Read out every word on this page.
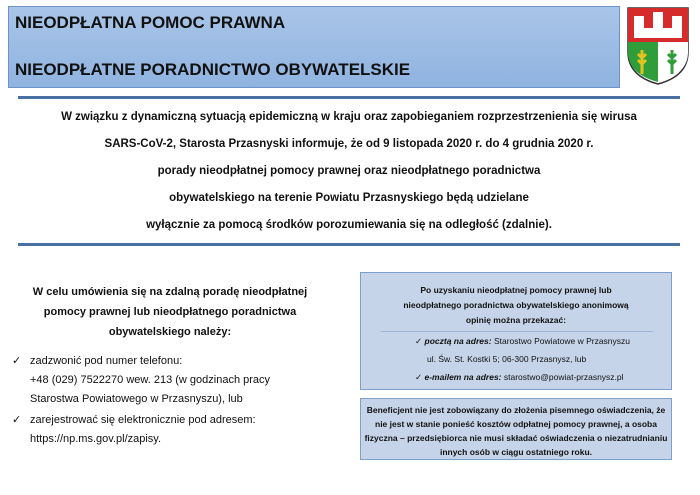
NIEODPŁATNA POMOC PRAWNA
NIEODPŁATNE PORADNICTWO OBYWATELSKIE
W związku z dynamiczną sytuacją epidemiczną w kraju oraz zapobieganiem rozprzestrzenienia się wirusa
SARS-CoV-2, Starosta Przasnyski informuje, że od 9 listopada 2020 r. do 4 grudnia 2020 r.
porady nieodpłatnej pomocy prawnej oraz nieodpłatnego poradnictwa
obywatelskiego na terenie Powiatu Przasnyskiego będą udzielane
wyłącznie za pomocą środków porozumiewania się na odległość (zdalnie).
W celu umówienia się na zdalną poradę nieodpłatnej
pomocy prawnej lub nieodpłatnego poradnictwa
obywatelskiego należy:
✓ zadzwonić pod numer telefonu:
+48 (029) 7522270 wew. 213 (w godzinach pracy
Starostwa Powiatowego w Przasnyszu), lub
✓ zarejestrować się elektronicznie pod adresem:
https://np.ms.gov.pl/zapisy.
Po uzyskaniu nieodpłatnej pomocy prawnej lub
nieodpłatnego poradnictwa obywatelskiego anonimową
opinię można przekazać:
✓ pocztą na adres: Starostwo Powiatowe w Przasnyszu
ul. Św. St. Kostki 5; 06-300 Przasnysz, lub
✓ e-mailem na adres: starostwo@powiat-przasnysz.pl
Beneficjent nie jest zobowiązany do złożenia pisemnego oświadczenia, że
nie jest w stanie ponieść kosztów odpłatnej pomocy prawnej, a osoba
fizyczna – przedsiębiorca nie musi składać oświadczenia o niezatrudnianiu
innych osób w ciągu ostatniego roku.
